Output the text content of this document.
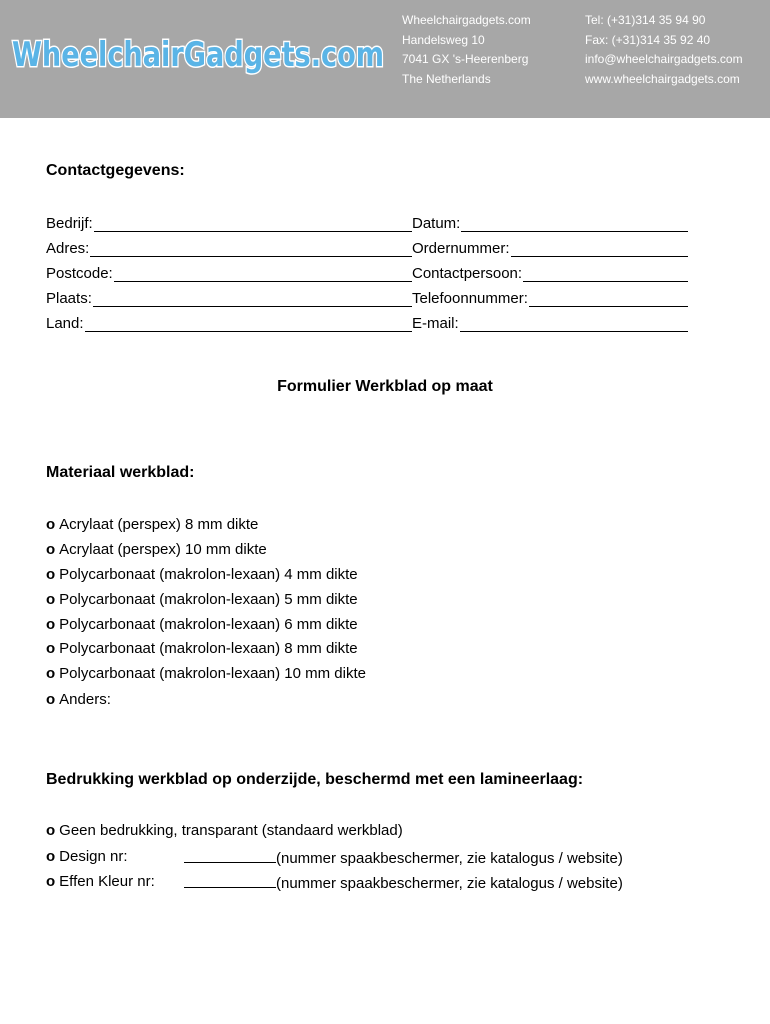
WheelchairGadgets.com
Wheelchairgadgets.com
Handelsweg 10
7041 GX 's-Heerenberg
The Netherlands
Tel: (+31)314 35 94 90
Fax: (+31)314 35 92 40
info@wheelchairgadgets.com
www.wheelchairgadgets.com
Contactgegevens:
Bedrijf:	Datum:
Adres:	Ordernummer:
Postcode:	Contactpersoon:
Plaats:	Telefoonnummer:
Land:	E-mail:
Formulier Werkblad op maat
Materiaal werkblad:
o Acrylaat (perspex) 8 mm dikte
o Acrylaat (perspex) 10 mm dikte
o Polycarbonaat (makrolon-lexaan) 4 mm dikte
o Polycarbonaat (makrolon-lexaan) 5 mm dikte
o Polycarbonaat (makrolon-lexaan) 6 mm dikte
o Polycarbonaat (makrolon-lexaan) 8 mm dikte
o Polycarbonaat (makrolon-lexaan) 10 mm dikte
o Anders:
Bedrukking werkblad op onderzijde, beschermd met een lamineerlaag:
o Geen bedrukking, transparant (standaard werkblad)
o Design nr:	(nummer spaakbeschermer, zie katalogus / website)
o Effen Kleur nr:	(nummer spaakbeschermer, zie katalogus / website)
